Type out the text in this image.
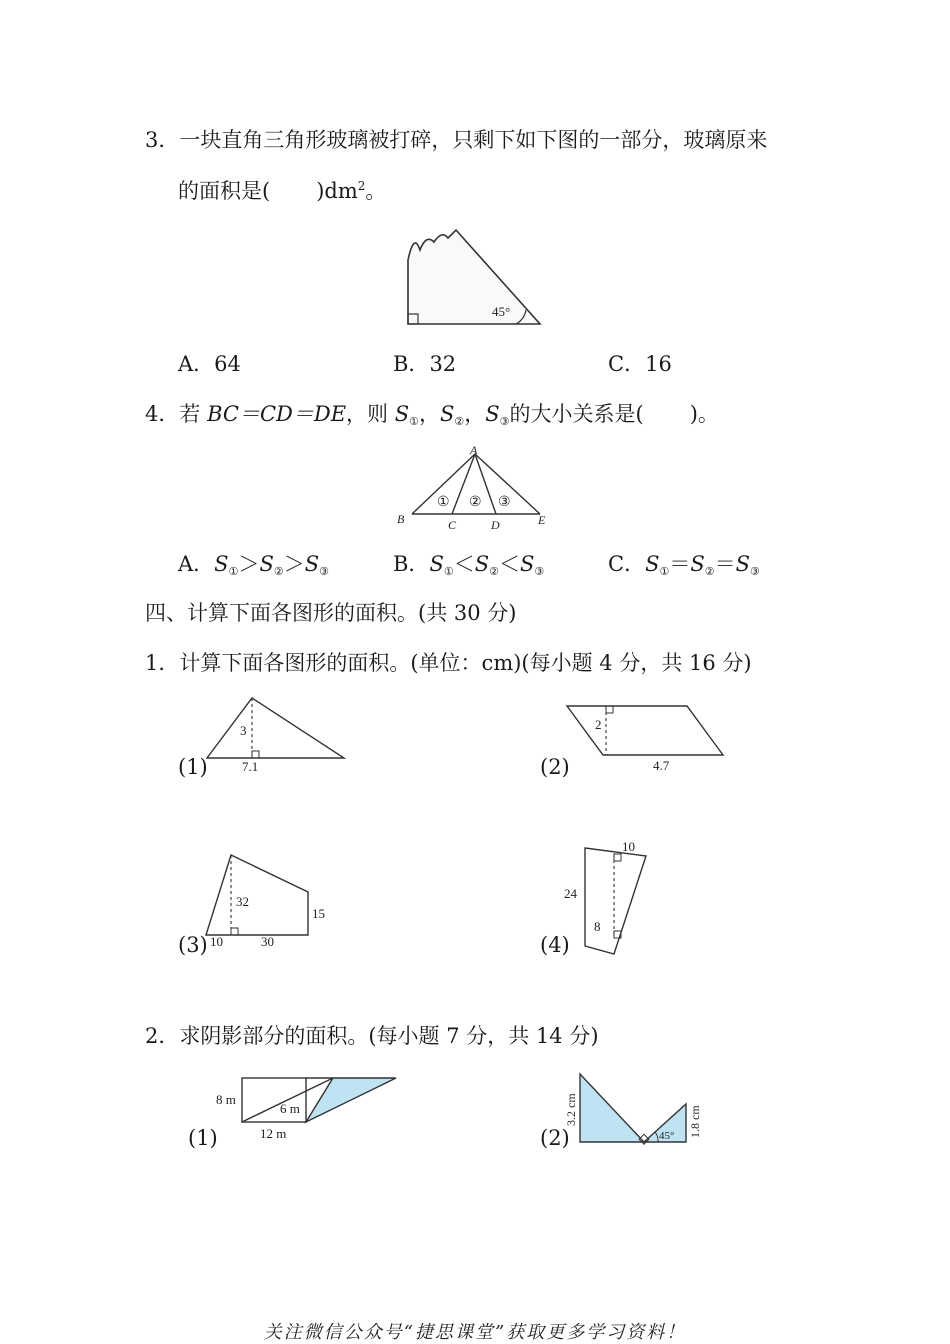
3．一块直角三角形玻璃被打碎，只剩下如下图的一部分，玻璃原来
的面积是( )$dm^2$。
45°
A．64	B．32	C．16
4．若 BC＝CD＝DE，则 $S_①$，$S_②$，$S_③$的大小关系是( )。
A
B	C	D	E
① ② ③
A．$S_①>S_②>S_③$	B．$S_①<S_②<S_③$	C．$S_①=S_②=S_③$
四、计算下面各图形的面积。(共 30 分)
1．计算下面各图形的面积。(单位：cm)(每小题 4 分，共 16 分)
(1)
3
7.1	(2)
2
4.7
(3)
32
15
10	30	(4)
10
24
8
2．求阴影部分的面积。(每小题 7 分，共 14 分)
(1)
8 m
6 m
12 m	(2)
3.2 cm	1.8 cm
45°
关注微信公众号“捷思课堂”获取更多学习资料！
